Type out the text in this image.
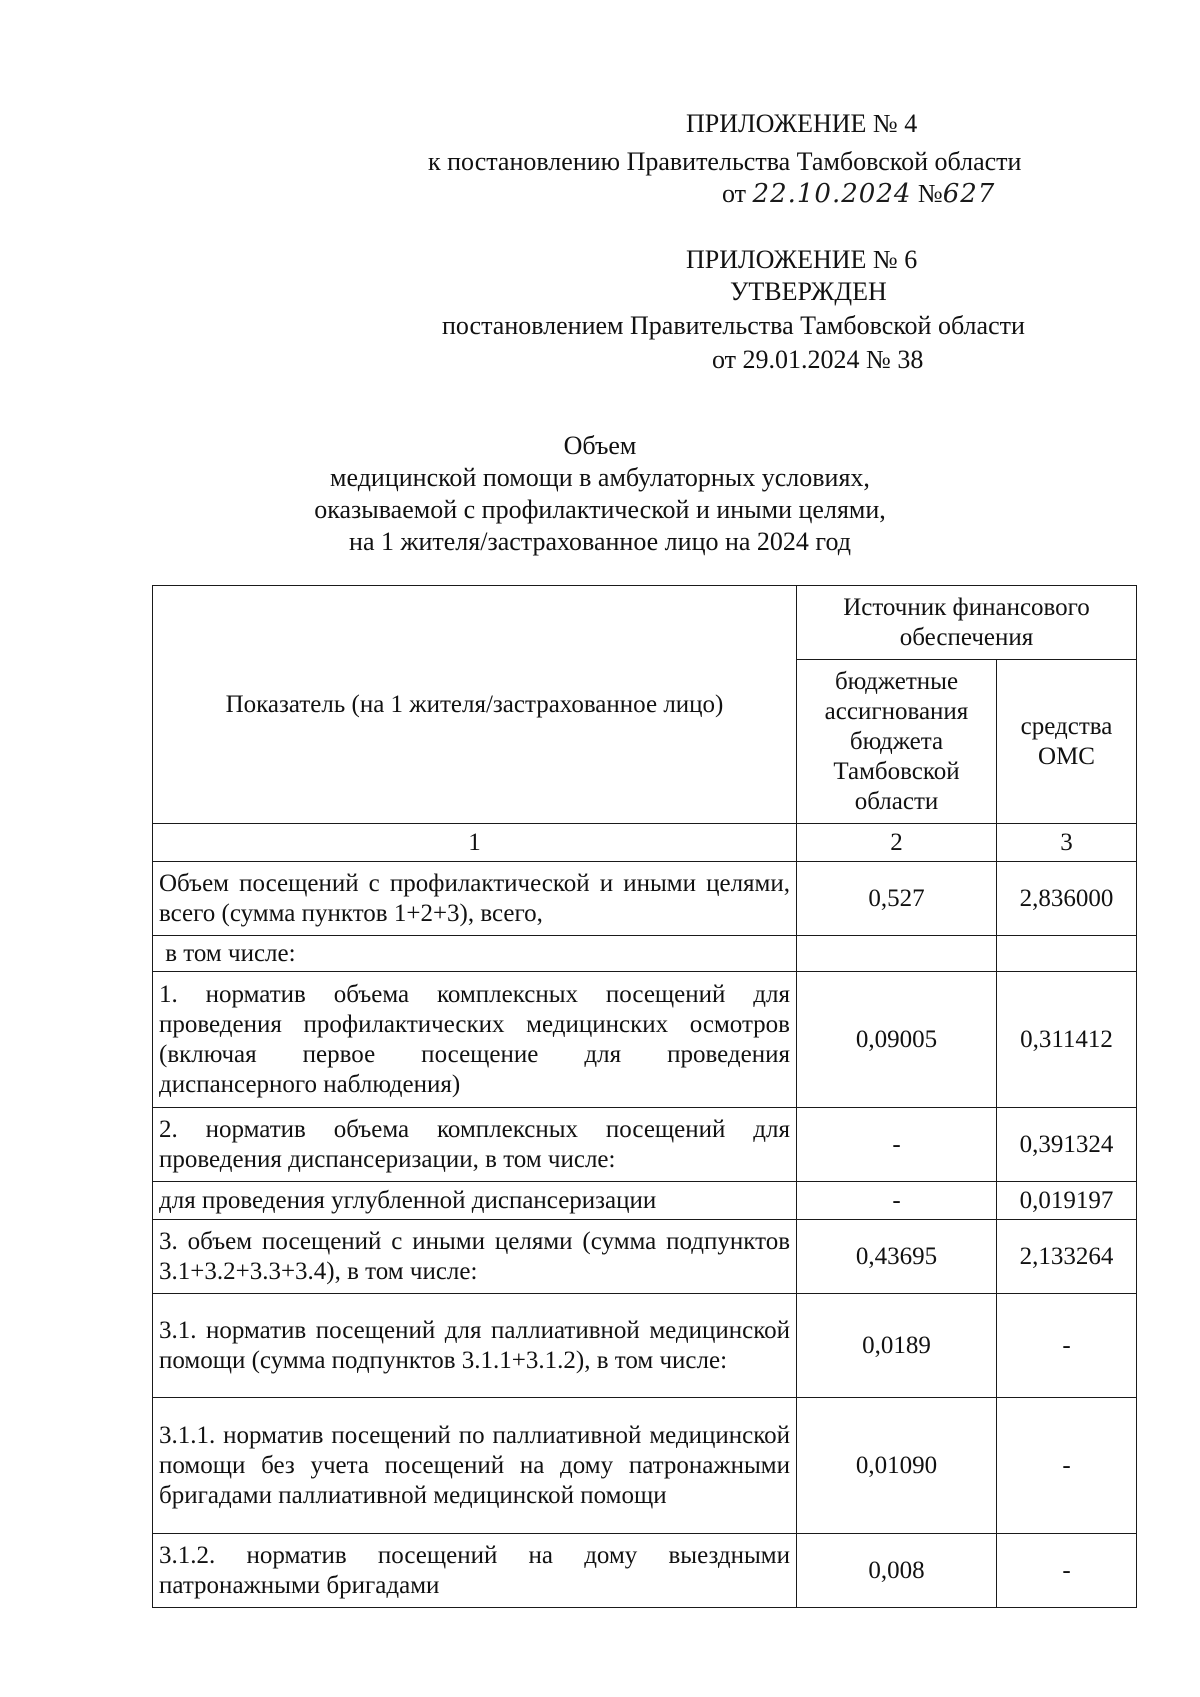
ПРИЛОЖЕНИЕ № 4
к постановлению Правительства Тамбовской области
от 22.10.2024 №627
ПРИЛОЖЕНИЕ № 6
УТВЕРЖДЕН
постановлением Правительства Тамбовской области
от 29.01.2024 № 38
Объем
медицинской помощи в амбулаторных условиях,
оказываемой с профилактической и иными целями,
на 1 жителя/застрахованное лицо на 2024 год
Показатель (на 1 жителя/застрахованное лицо)	Источник финансового обеспечения	
	бюджетные ассигнования бюджета Тамбовской области	средства ОМС
1	2	3
Объем посещений с профилактической и иными целями, всего (сумма пунктов 1+2+3), всего,	0,527	2,836000
в том числе:		
1. норматив объема комплексных посещений для проведения профилактических медицинских осмотров (включая первое посещение для проведения диспансерного наблюдения)	0,09005	0,311412
2. норматив объема комплексных посещений для проведения диспансеризации, в том числе:	-	0,391324
для проведения углубленной диспансеризации	-	0,019197
3. объем посещений с иными целями (сумма подпунктов 3.1+3.2+3.3+3.4), в том числе:	0,43695	2,133264
3.1. норматив посещений для паллиативной медицинской помощи (сумма подпунктов 3.1.1+3.1.2), в том числе:	0,0189	-
3.1.1. норматив посещений по паллиативной медицинской помощи без учета посещений на дому патронажными бригадами паллиативной медицинской помощи	0,01090	-
3.1.2. норматив посещений на дому выездными патронажными бригадами	0,008	-
